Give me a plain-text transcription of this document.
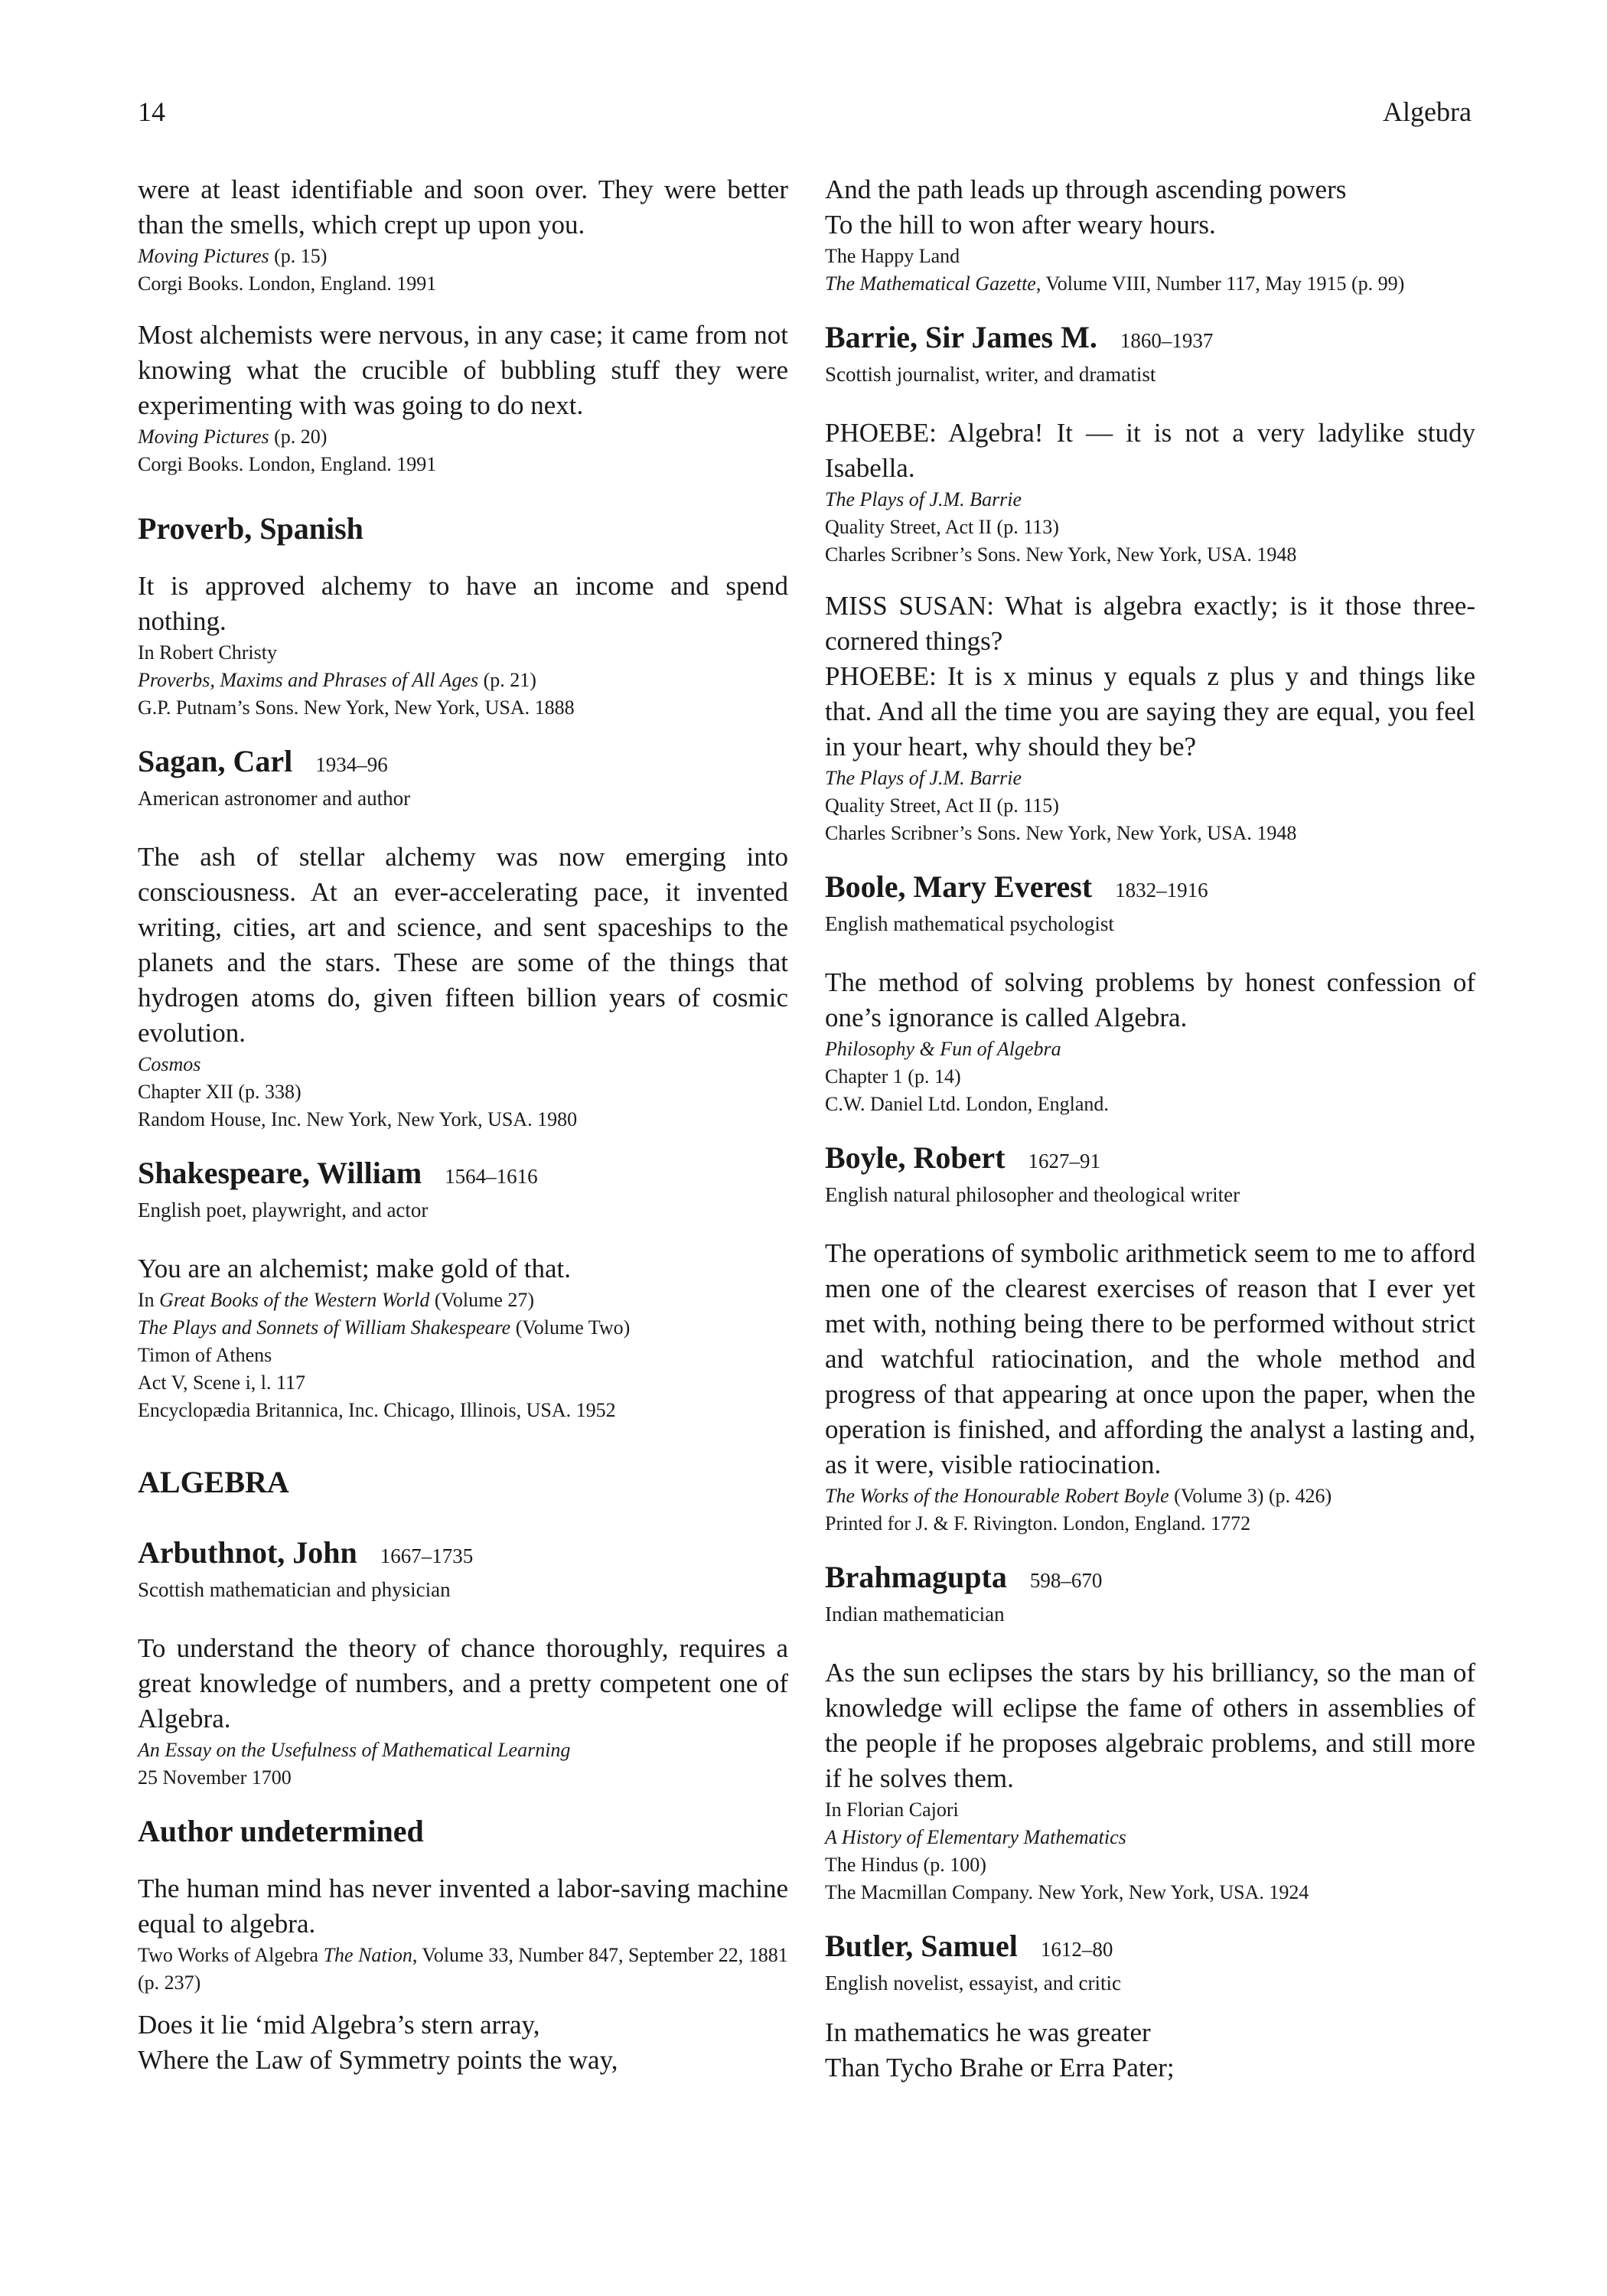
14	Algebra

were at least identifiable and soon over. They were better than the smells, which crept up upon you.

Moving Pictures (p. 15)

Corgi Books. London, England. 1991

Most alchemists were nervous, in any case; it came from not knowing what the crucible of bubbling stuff they were experimenting with was going to do next.

Moving Pictures (p. 20)

Corgi Books. London, England. 1991

Proverb, Spanish

It is approved alchemy to have an income and spend nothing.

In Robert Christy

Proverbs, Maxims and Phrases of All Ages (p. 21)

G.P. Putnam’s Sons. New York, New York, USA. 1888

Sagan, Carl 1934–96

American astronomer and author

The ash of stellar alchemy was now emerging into consciousness. At an ever-accelerating pace, it invented writing, cities, art and science, and sent spaceships to the planets and the stars. These are some of the things that hydrogen atoms do, given fifteen billion years of cosmic evolution.

Cosmos

Chapter XII (p. 338)

Random House, Inc. New York, New York, USA. 1980

Shakespeare, William 1564–1616

English poet, playwright, and actor

You are an alchemist; make gold of that.

In Great Books of the Western World (Volume 27)

The Plays and Sonnets of William Shakespeare (Volume Two)

Timon of Athens

Act V, Scene i, l. 117

Encyclopædia Britannica, Inc. Chicago, Illinois, USA. 1952

ALGEBRA

Arbuthnot, John 1667–1735

Scottish mathematician and physician

To understand the theory of chance thoroughly, requires a great knowledge of numbers, and a pretty competent one of Algebra.

An Essay on the Usefulness of Mathematical Learning

25 November 1700

Author undetermined

The human mind has never invented a labor-saving machine equal to algebra.

Two Works of Algebra The Nation, Volume 33, Number 847, September 22, 1881 (p. 237)

Does it lie ‘mid Algebra’s stern array,

Where the Law of Symmetry points the way,

And the path leads up through ascending powers

To the hill to won after weary hours.

The Happy Land

The Mathematical Gazette, Volume VIII, Number 117, May 1915 (p. 99)

Barrie, Sir James M. 1860–1937

Scottish journalist, writer, and dramatist

PHOEBE: Algebra! It — it is not a very ladylike study Isabella.

The Plays of J.M. Barrie

Quality Street, Act II (p. 113)

Charles Scribner’s Sons. New York, New York, USA. 1948

MISS SUSAN: What is algebra exactly; is it those three-cornered things?

PHOEBE: It is x minus y equals z plus y and things like that. And all the time you are saying they are equal, you feel in your heart, why should they be?

The Plays of J.M. Barrie

Quality Street, Act II (p. 115)

Charles Scribner’s Sons. New York, New York, USA. 1948

Boole, Mary Everest 1832–1916

English mathematical psychologist

The method of solving problems by honest confession of one’s ignorance is called Algebra.

Philosophy & Fun of Algebra

Chapter 1 (p. 14)

C.W. Daniel Ltd. London, England.

Boyle, Robert 1627–91

English natural philosopher and theological writer

The operations of symbolic arithmetick seem to me to afford men one of the clearest exercises of reason that I ever yet met with, nothing being there to be performed without strict and watchful ratiocination, and the whole method and progress of that appearing at once upon the paper, when the operation is finished, and affording the analyst a lasting and, as it were, visible ratiocination.

The Works of the Honourable Robert Boyle (Volume 3) (p. 426)

Printed for J. & F. Rivington. London, England. 1772

Brahmagupta 598–670

Indian mathematician

As the sun eclipses the stars by his brilliancy, so the man of knowledge will eclipse the fame of others in assemblies of the people if he proposes algebraic problems, and still more if he solves them.

In Florian Cajori

A History of Elementary Mathematics

The Hindus (p. 100)

The Macmillan Company. New York, New York, USA. 1924

Butler, Samuel 1612–80

English novelist, essayist, and critic

In mathematics he was greater

Than Tycho Brahe or Erra Pater;
